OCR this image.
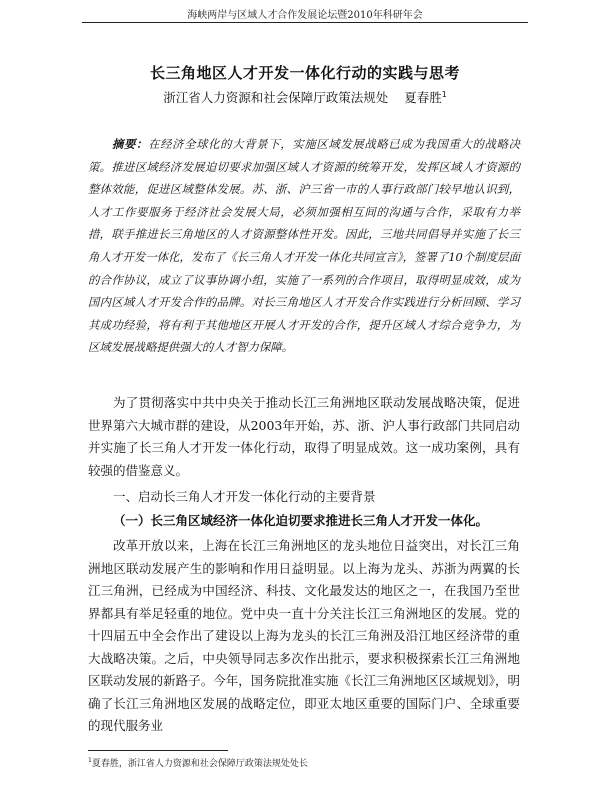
海峡两岸与区域人才合作发展论坛暨2010年科研年会
长三角地区人才开发一体化行动的实践与思考
浙江省人力资源和社会保障厅政策法规处 夏春胜$^1$

摘要：在经济全球化的大背景下，实施区域发展战略已成为我国重大的战略决策。推进区域经济发展迫切要求加强区域人才资源的统筹开发，发挥区域人才资源的整体效能，促进区域整体发展。苏、浙、沪三省一市的人事行政部门较早地认识到，人才工作要服务于经济社会发展大局，必须加强相互间的沟通与合作，采取有力举措，联手推进长三角地区的人才资源整体性开发。因此，三地共同倡导并实施了长三角人才开发一体化，发布了《长三角人才开发一体化共同宣言》，签署了10个制度层面的合作协议，成立了议事协调小组，实施了一系列的合作项目，取得明显成效，成为国内区域人才开发合作的品牌。对长三角地区人才开发合作实践进行分析回顾、学习其成功经验，将有利于其他地区开展人才开发的合作，提升区域人才综合竞争力，为区域发展战略提供强大的人才智力保障。

为了贯彻落实中共中央关于推动长江三角洲地区联动发展战略决策，促进世界第六大城市群的建设，从2003年开始，苏、浙、沪人事行政部门共同启动并实施了长三角人才开发一体化行动，取得了明显成效。这一成功案例，具有较强的借鉴意义。

一、启动长三角人才开发一体化行动的主要背景

（一）长三角区域经济一体化迫切要求推进长三角人才开发一体化。

改革开放以来，上海在长江三角洲地区的龙头地位日益突出，对长江三角洲地区联动发展产生的影响和作用日益明显。以上海为龙头、苏浙为两翼的长江三角洲，已经成为中国经济、科技、文化最发达的地区之一，在我国乃至世界都具有举足轻重的地位。党中央一直十分关注长江三角洲地区的发展。党的十四届五中全会作出了建设以上海为龙头的长江三角洲及沿江地区经济带的重大战略决策。之后，中央领导同志多次作出批示，要求积极探索长江三角洲地区联动发展的新路子。今年，国务院批准实施《长江三角洲地区区域规划》，明确了长江三角洲地区发展的战略定位，即亚太地区重要的国际门户、全球重要的现代服务业

$^1$夏春胜，浙江省人力资源和社会保障厅政策法规处处长
